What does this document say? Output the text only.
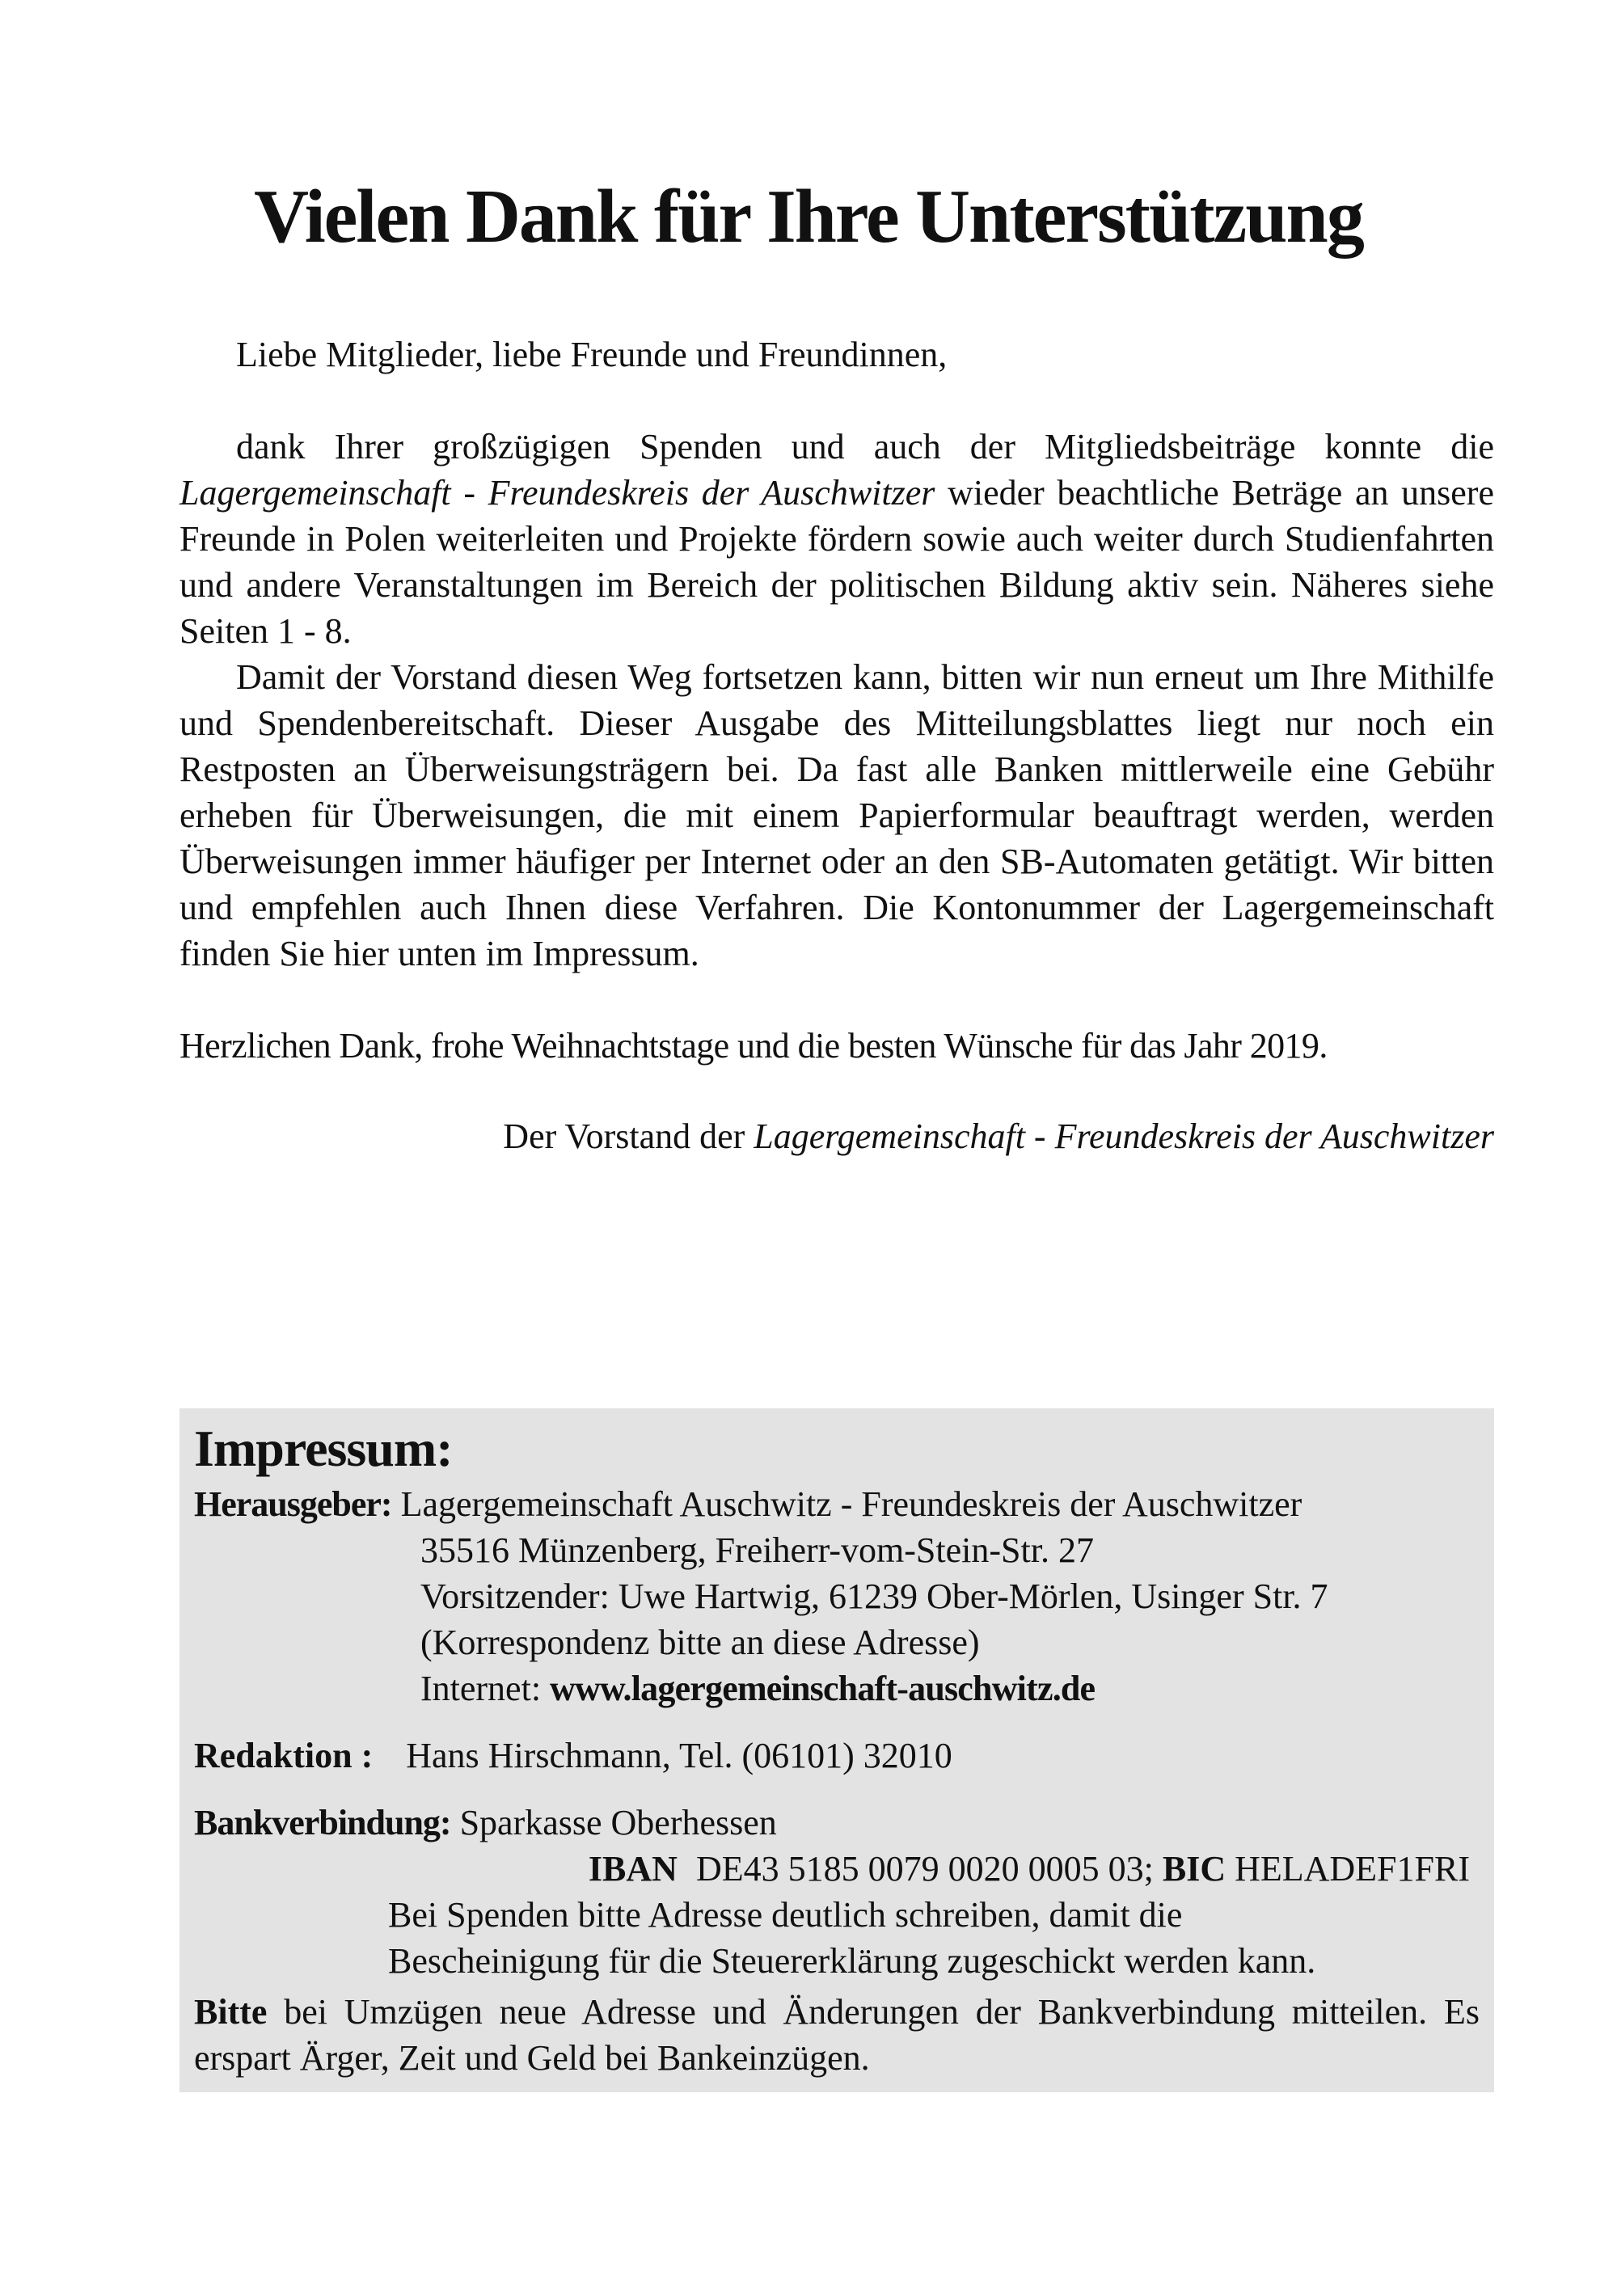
Vielen Dank für Ihre Unterstützung

Liebe Mitglieder, liebe Freunde und Freundinnen,

dank Ihrer großzügigen Spenden und auch der Mitgliedsbeiträge konnte die Lagergemeinschaft - Freundeskreis der Auschwitzer wieder beachtliche Beträge an unsere Freunde in Polen weiterleiten und Projekte fördern sowie auch weiter durch Studienfahrten und andere Veranstaltungen im Bereich der politischen Bildung aktiv sein. Näheres siehe Seiten 1 - 8.

Damit der Vorstand diesen Weg fortsetzen kann, bitten wir nun erneut um Ihre Mithilfe und Spendenbereitschaft. Dieser Ausgabe des Mitteilungsblattes liegt nur noch ein Restposten an Überweisungsträgern bei. Da fast alle Banken mittlerweile eine Gebühr erheben für Überweisungen, die mit einem Papierformular beauftragt werden, werden Überweisungen immer häufiger per Internet oder an den SB-Automaten getätigt. Wir bitten und empfehlen auch Ihnen diese Verfahren. Die Kontonummer der Lagergemeinschaft finden Sie hier unten im Impressum.

Herzlichen Dank, frohe Weihnachtstage und die besten Wünsche für das Jahr 2019.

Der Vorstand der Lagergemeinschaft - Freundeskreis der Auschwitzer

Impressum:
Herausgeber: Lagergemeinschaft Auschwitz - Freundeskreis der Auschwitzer
35516 Münzenberg, Freiherr-vom-Stein-Str. 27
Vorsitzender: Uwe Hartwig, 61239 Ober-Mörlen, Usinger Str. 7
(Korrespondenz bitte an diese Adresse)
Internet: www.lagergemeinschaft-auschwitz.de
Redaktion : Hans Hirschmann, Tel. (06101) 32010
Bankverbindung: Sparkasse Oberhessen
IBAN DE43 5185 0079 0020 0005 03; BIC HELADEF1FRI
Bei Spenden bitte Adresse deutlich schreiben, damit die
Bescheinigung für die Steuererklärung zugeschickt werden kann.
Bitte bei Umzügen neue Adresse und Änderungen der Bankverbindung mitteilen. Es erspart Ärger, Zeit und Geld bei Bankeinzügen.
